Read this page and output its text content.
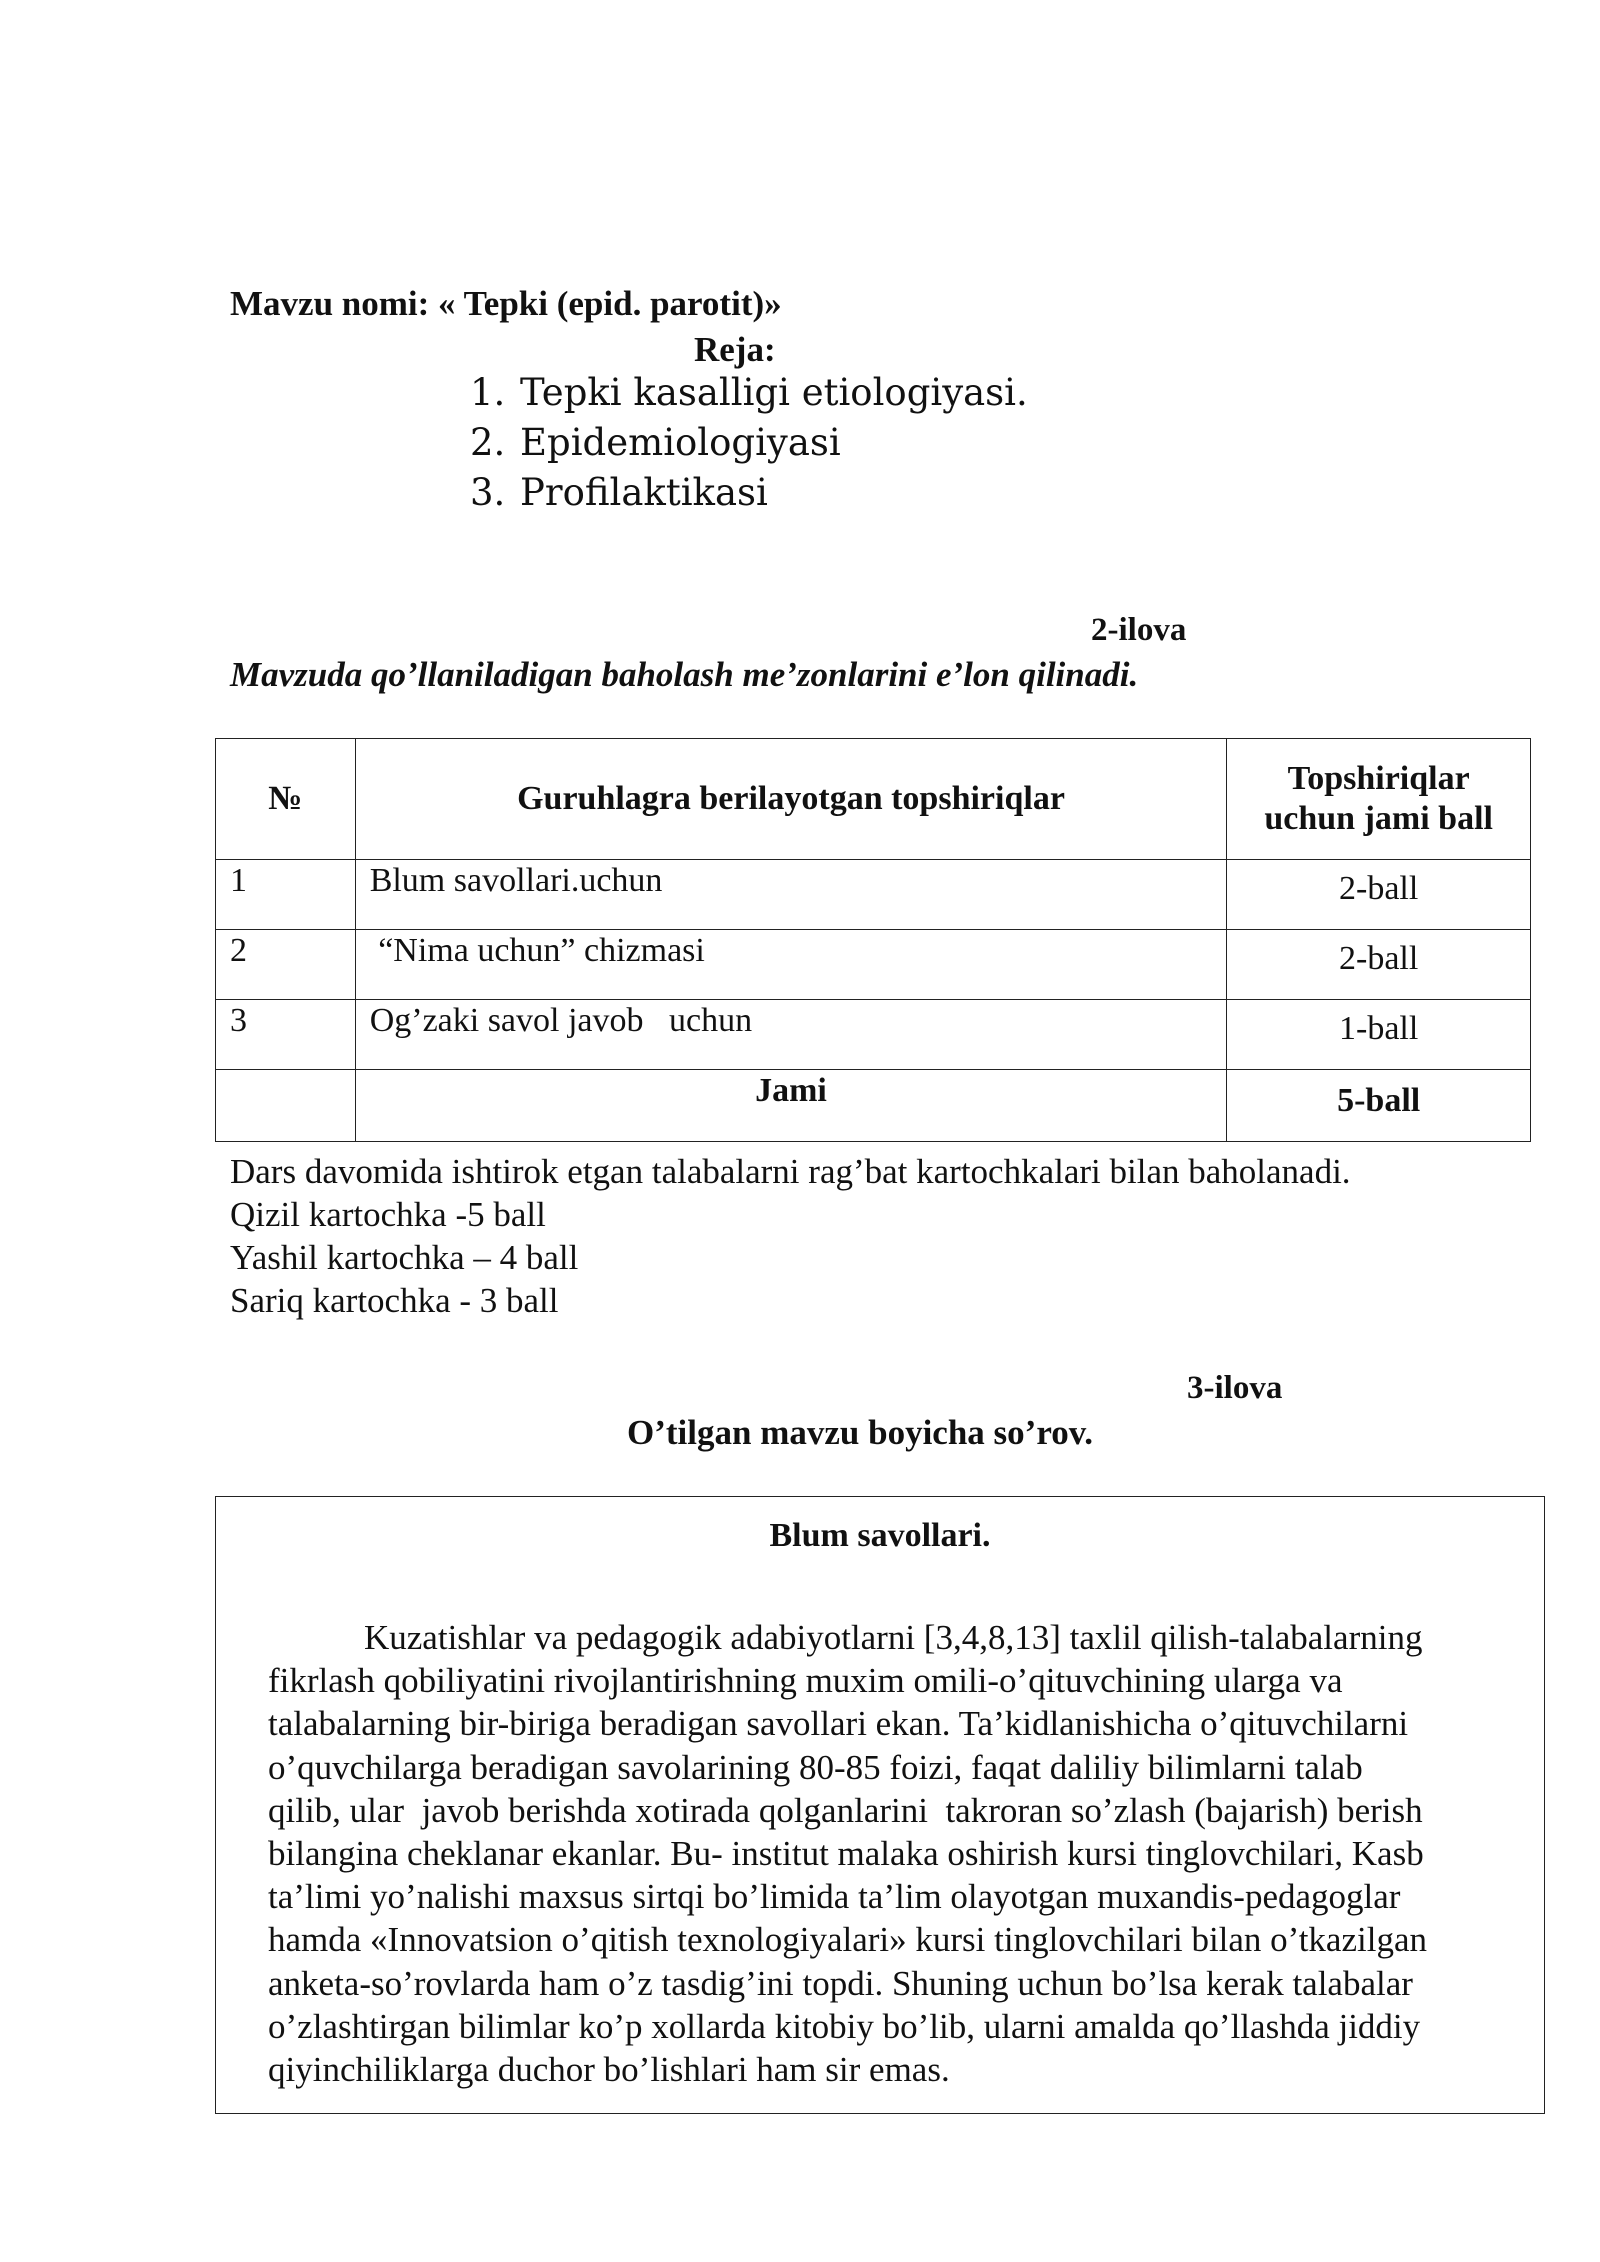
Mavzu nomi: « Tepki (epid. parotit)»
Reja:
1. Tepki kasalligi etiologiyasi.
2. Epidemiologiyasi
3. Profilaktikasi
2-ilova
Mavzuda qo’llaniladigan baholash me’zonlarini e’lon qilinadi.
№	Guruhlagra berilayotgan topshiriqlar	Topshiriqlar
uchun jami ball
1	Blum savollari.uchun	2-ball
2	“Nima uchun” chizmasi	2-ball
3	Og’zaki savol javob   uchun	1-ball
	Jami	5-ball
Dars davomida ishtirok etgan talabalarni rag’bat kartochkalari bilan baholanadi.
Qizil kartochka -5 ball
Yashil kartochka – 4 ball
Sariq kartochka - 3 ball
3-ilova
O’tilgan mavzu boyicha so’rov.
Blum savollari.
Kuzatishlar va pedagogik adabiyotlarni [3,4,8,13] taxlil qilish-talabalarning
fikrlash qobiliyatini rivojlantirishning muxim omili-o’qituvchining ularga va
talabalarning bir-biriga beradigan savollari ekan. Ta’kidlanishicha o’qituvchilarni
o’quvchilarga beradigan savolarining 80-85 foizi, faqat daliliy bilimlarni talab
qilib, ular  javob berishda xotirada qolganlarini  takroran so’zlash (bajarish) berish
bilangina cheklanar ekanlar. Bu- institut malaka oshirish kursi tinglovchilari, Kasb
ta’limi yo’nalishi maxsus sirtqi bo’limida ta’lim olayotgan muxandis-pedagoglar
hamda «Innovatsion o’qitish texnologiyalari» kursi tinglovchilari bilan o’tkazilgan
anketa-so’rovlarda ham o’z tasdig’ini topdi. Shuning uchun bo’lsa kerak talabalar
o’zlashtirgan bilimlar ko’p xollarda kitobiy bo’lib, ularni amalda qo’llashda jiddiy
qiyinchiliklarga duchor bo’lishlari ham sir emas.
